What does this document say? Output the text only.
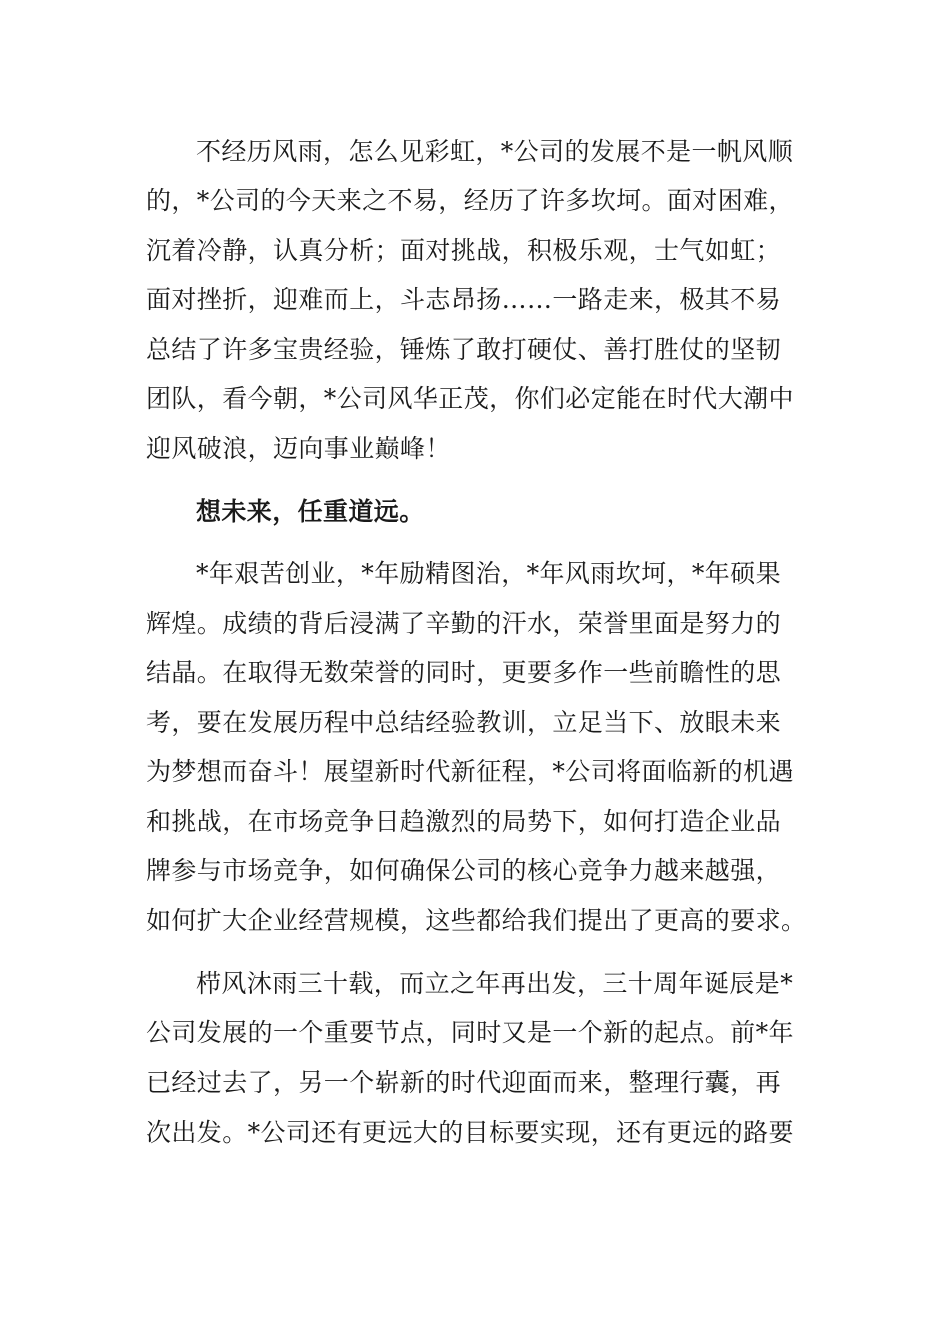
不经历风雨，怎么见彩虹，*公司的发展不是一帆风顺
的，*公司的今天来之不易，经历了许多坎坷。面对困难，
沉着冷静，认真分析；面对挑战，积极乐观，士气如虹；
面对挫折，迎难而上，斗志昂扬……一路走来，极其不易
总结了许多宝贵经验，锤炼了敢打硬仗、善打胜仗的坚韧
团队，看今朝，*公司风华正茂，你们必定能在时代大潮中
迎风破浪，迈向事业巅峰！
想未来，任重道远。
*年艰苦创业，*年励精图治，*年风雨坎坷，*年硕果
辉煌。成绩的背后浸满了辛勤的汗水，荣誉里面是努力的
结晶。在取得无数荣誉的同时，更要多作一些前瞻性的思
考，要在发展历程中总结经验教训，立足当下、放眼未来
为梦想而奋斗！展望新时代新征程，*公司将面临新的机遇
和挑战，在市场竞争日趋激烈的局势下，如何打造企业品
牌参与市场竞争，如何确保公司的核心竞争力越来越强，
如何扩大企业经营规模，这些都给我们提出了更高的要求。
栉风沐雨三十载，而立之年再出发，三十周年诞辰是*
公司发展的一个重要节点，同时又是一个新的起点。前*年
已经过去了，另一个崭新的时代迎面而来，整理行囊，再
次出发。*公司还有更远大的目标要实现，还有更远的路要
